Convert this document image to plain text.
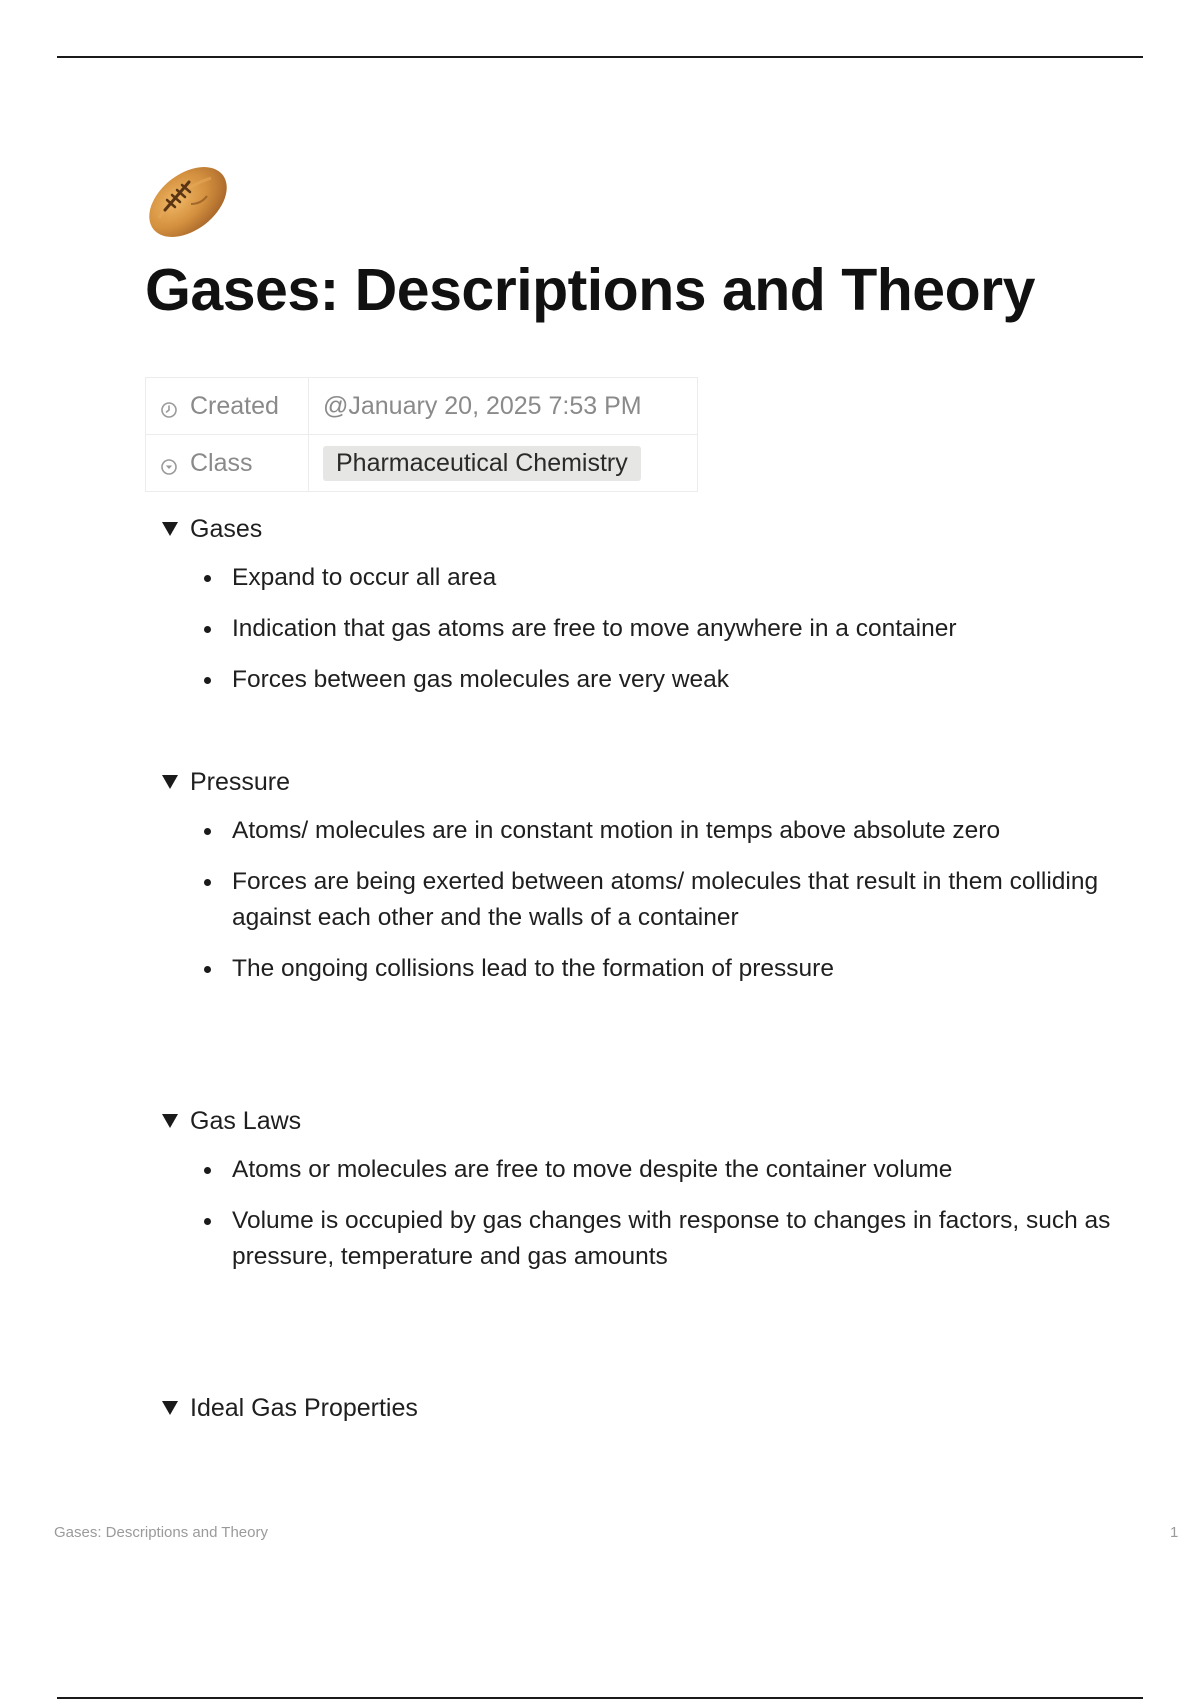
Gases: Descriptions and Theory
Created	@January 20, 2025 7:53 PM
Class	Pharmaceutical Chemistry
Gases
Expand to occur all area
Indication that gas atoms are free to move anywhere in a container
Forces between gas molecules are very weak
Pressure
Atoms/ molecules are in constant motion in temps above absolute zero
Forces are being exerted between atoms/ molecules that result in them colliding against each other and the walls of a container
The ongoing collisions lead to the formation of pressure
Gas Laws
Atoms or molecules are free to move despite the container volume
Volume is occupied by gas changes with response to changes in factors, such as pressure, temperature and gas amounts
Ideal Gas Properties
Gases: Descriptions and Theory	1
